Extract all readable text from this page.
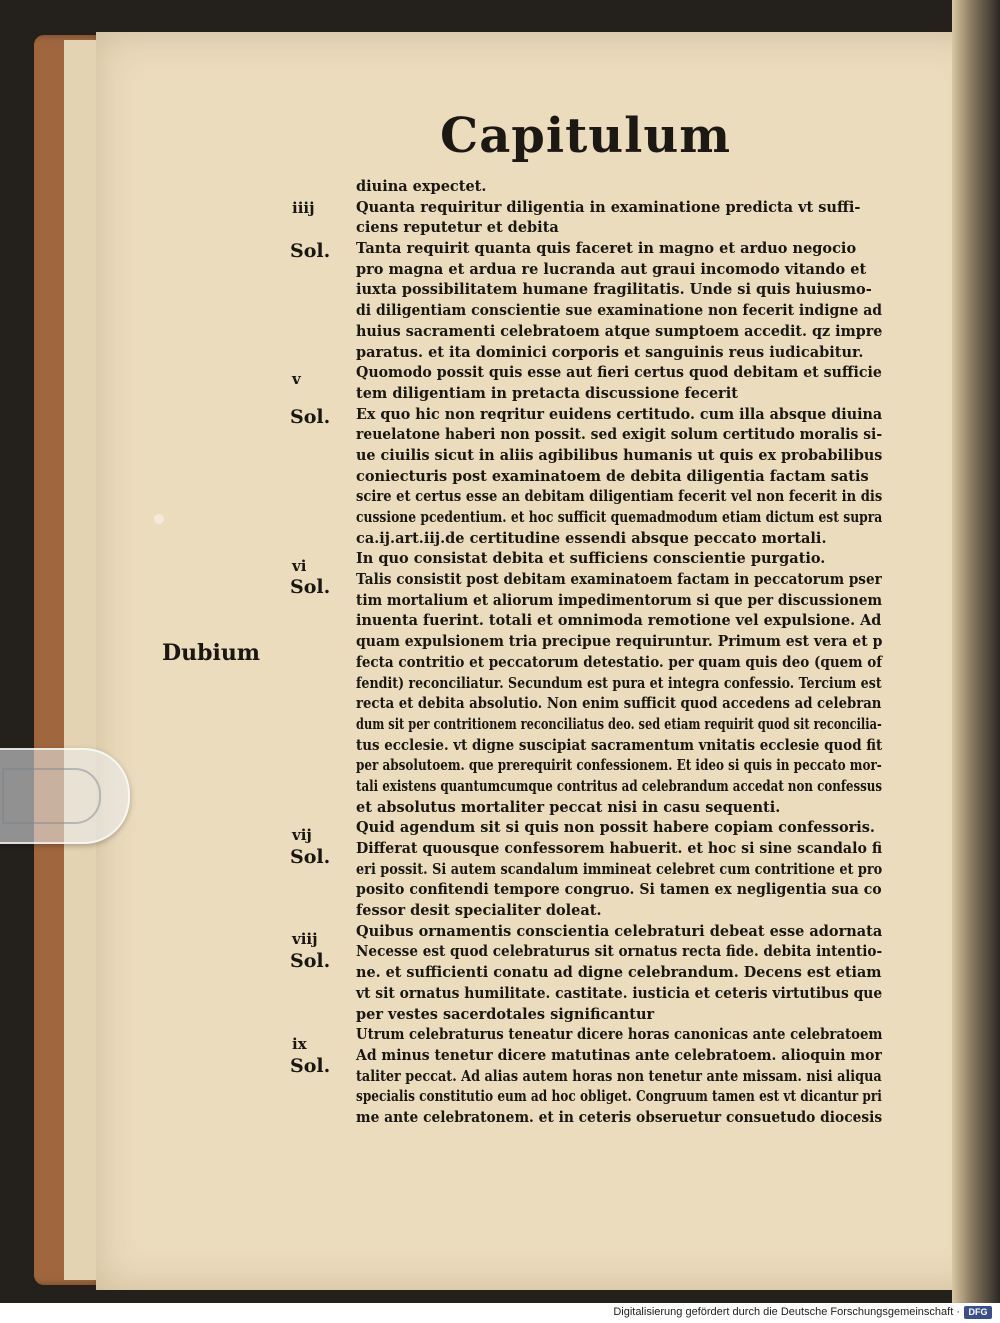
Capitulum
diuina expectet.
Quanta requiritur diligentia in examinatione predicta vt suffi-
ciens reputetur et debita
Tanta requirit quanta quis faceret in magno et arduo negocio
pro magna et ardua re lucranda aut graui incomodo vitando et
iuxta possibilitatem humane fragilitatis. Unde si quis huiusmo-
di diligentiam conscientie sue examinatione non fecerit indigne ad
huius sacramenti celebratoem atque sumptoem accedit. qz impre
paratus. et ita dominici corporis et sanguinis reus iudicabitur.
Quomodo possit quis esse aut fieri certus quod debitam et sufficie
tem diligentiam in pretacta discussione fecerit
Ex quo hic non reqritur euidens certitudo. cum illa absque diuina
reuelatone haberi non possit. sed exigit solum certitudo moralis si-
ue ciuilis sicut in aliis agibilibus humanis ut quis ex probabilibus
coniecturis post examinatoem de debita diligentia factam satis
scire et certus esse an debitam diligentiam fecerit vel non fecerit in dis
cussione pcedentium. et hoc sufficit quemadmodum etiam dictum est supra
ca.ij.art.iij.de certitudine essendi absque peccato mortali.
In quo consistat debita et sufficiens conscientie purgatio.
Talis consistit post debitam examinatoem factam in peccatorum pser
tim mortalium et aliorum impedimentorum si que per discussionem
inuenta fuerint. totali et omnimoda remotione vel expulsione. Ad
quam expulsionem tria precipue requiruntur. Primum est vera et p
fecta contritio et peccatorum detestatio. per quam quis deo (quem of
fendit) reconciliatur. Secundum est pura et integra confessio. Tercium est
recta et debita absolutio. Non enim sufficit quod accedens ad celebran
dum sit per contritionem reconciliatus deo. sed etiam requirit quod sit reconcilia-
tus ecclesie. vt digne suscipiat sacramentum vnitatis ecclesie quod fit
per absolutoem. que prerequirit confessionem. Et ideo si quis in peccato mor-
tali existens quantumcumque contritus ad celebrandum accedat non confessus
et absolutus mortaliter peccat nisi in casu sequenti.
Quid agendum sit si quis non possit habere copiam confessoris.
Differat quousque confessorem habuerit. et hoc si sine scandalo fi
eri possit. Si autem scandalum immineat celebret cum contritione et pro
posito confitendi tempore congruo. Si tamen ex negligentia sua co
fessor desit specialiter doleat.
Quibus ornamentis conscientia celebraturi debeat esse adornata
Necesse est quod celebraturus sit ornatus recta fide. debita intentio-
ne. et sufficienti conatu ad digne celebrandum. Decens est etiam
vt sit ornatus humilitate. castitate. iusticia et ceteris virtutibus que
per vestes sacerdotales significantur
Utrum celebraturus teneatur dicere horas canonicas ante celebratoem
Ad minus tenetur dicere matutinas ante celebratoem. alioquin mor
taliter peccat. Ad alias autem horas non tenetur ante missam. nisi aliqua
specialis constitutio eum ad hoc obliget. Congruum tamen est vt dicantur pri
me ante celebratonem. et in ceteris obseruetur consuetudo diocesis
iiij
v
vi
vij
viij
ix
Sol.
Sol.
Sol.
Sol.
Sol.
Sol.
Dubium
Digitalisierung gefördert durch die Deutsche Forschungsgemeinschaft · DFG
